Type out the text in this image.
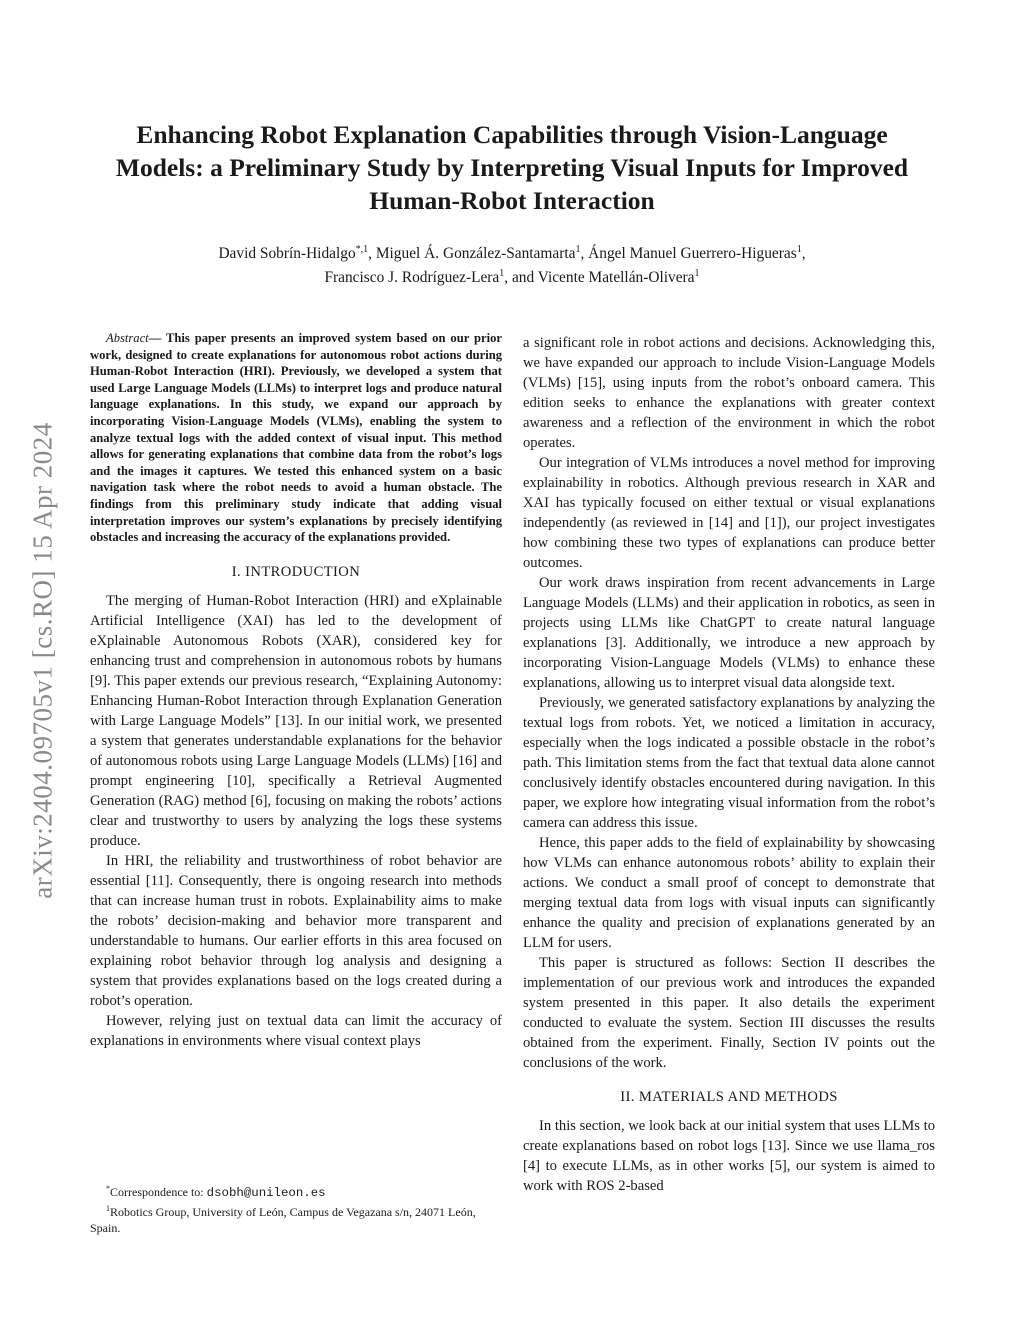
arXiv:2404.09705v1 [cs.RO] 15 Apr 2024
Enhancing Robot Explanation Capabilities through Vision-Language Models: a Preliminary Study by Interpreting Visual Inputs for Improved Human-Robot Interaction
David Sobrín-Hidalgo$^{*,1}$, Miguel Á. González-Santamarta$^1$, Ángel Manuel Guerrero-Higueras$^1$,
Francisco J. Rodríguez-Lera$^1$, and Vicente Matellán-Olivera$^1$

Abstract— This paper presents an improved system based on our prior work, designed to create explanations for autonomous robot actions during Human-Robot Interaction (HRI). Previously, we developed a system that used Large Language Models (LLMs) to interpret logs and produce natural language explanations. In this study, we expand our approach by incorporating Vision-Language Models (VLMs), enabling the system to analyze textual logs with the added context of visual input. This method allows for generating explanations that combine data from the robot’s logs and the images it captures. We tested this enhanced system on a basic navigation task where the robot needs to avoid a human obstacle. The findings from this preliminary study indicate that adding visual interpretation improves our system’s explanations by precisely identifying obstacles and increasing the accuracy of the explanations provided.

I. INTRODUCTION

The merging of Human-Robot Interaction (HRI) and eXplainable Artificial Intelligence (XAI) has led to the development of eXplainable Autonomous Robots (XAR), considered key for enhancing trust and comprehension in autonomous robots by humans [9]. This paper extends our previous research, “Explaining Autonomy: Enhancing Human-Robot Interaction through Explanation Generation with Large Language Models” [13]. In our initial work, we presented a system that generates understandable explanations for the behavior of autonomous robots using Large Language Models (LLMs) [16] and prompt engineering [10], specifically a Retrieval Augmented Generation (RAG) method [6], focusing on making the robots’ actions clear and trustworthy to users by analyzing the logs these systems produce.

In HRI, the reliability and trustworthiness of robot behavior are essential [11]. Consequently, there is ongoing research into methods that can increase human trust in robots. Explainability aims to make the robots’ decision-making and behavior more transparent and understandable to humans. Our earlier efforts in this area focused on explaining robot behavior through log analysis and designing a system that provides explanations based on the logs created during a robot’s operation.

However, relying just on textual data can limit the accuracy of explanations in environments where visual context plays

*Correspondence to: dsobh@unileon.es

$^1$Robotics Group, University of León, Campus de Vegazana s/n, 24071 León, Spain.

a significant role in robot actions and decisions. Acknowledging this, we have expanded our approach to include Vision-Language Models (VLMs) [15], using inputs from the robot’s onboard camera. This edition seeks to enhance the explanations with greater context awareness and a reflection of the environment in which the robot operates.

Our integration of VLMs introduces a novel method for improving explainability in robotics. Although previous research in XAR and XAI has typically focused on either textual or visual explanations independently (as reviewed in [14] and [1]), our project investigates how combining these two types of explanations can produce better outcomes.

Our work draws inspiration from recent advancements in Large Language Models (LLMs) and their application in robotics, as seen in projects using LLMs like ChatGPT to create natural language explanations [3]. Additionally, we introduce a new approach by incorporating Vision-Language Models (VLMs) to enhance these explanations, allowing us to interpret visual data alongside text.

Previously, we generated satisfactory explanations by analyzing the textual logs from robots. Yet, we noticed a limitation in accuracy, especially when the logs indicated a possible obstacle in the robot’s path. This limitation stems from the fact that textual data alone cannot conclusively identify obstacles encountered during navigation. In this paper, we explore how integrating visual information from the robot’s camera can address this issue.

Hence, this paper adds to the field of explainability by showcasing how VLMs can enhance autonomous robots’ ability to explain their actions. We conduct a small proof of concept to demonstrate that merging textual data from logs with visual inputs can significantly enhance the quality and precision of explanations generated by an LLM for users.

This paper is structured as follows: Section II describes the implementation of our previous work and introduces the expanded system presented in this paper. It also details the experiment conducted to evaluate the system. Section III discusses the results obtained from the experiment. Finally, Section IV points out the conclusions of the work.

II. MATERIALS AND METHODS

In this section, we look back at our initial system that uses LLMs to create explanations based on robot logs [13]. Since we use llama_ros [4] to execute LLMs, as in other works [5], our system is aimed to work with ROS 2-based
